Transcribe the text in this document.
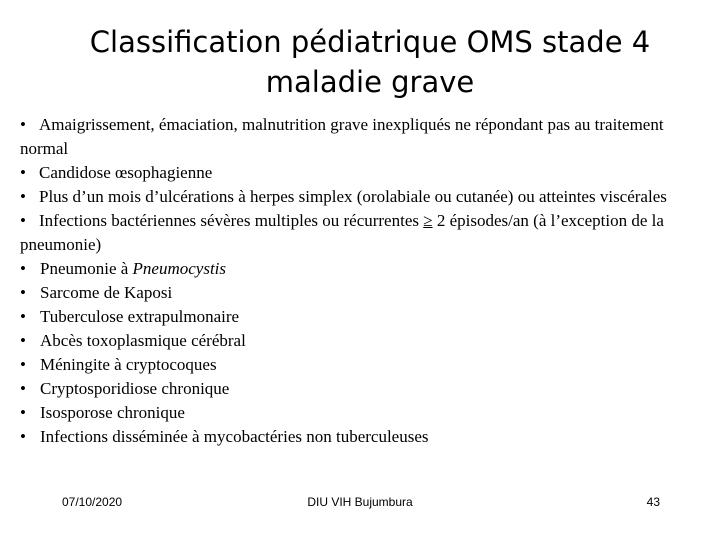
Classification pédiatrique OMS stade 4
maladie grave

• Amaigrissement, émaciation, malnutrition grave inexpliqués ne répondant pas au traitement normal

• Candidose œsophagienne

• Plus d’un mois d’ulcérations à herpes simplex (orolabiale ou cutanée) ou atteintes viscérales

• Infections bactériennes sévères multiples ou récurrentes ≥ 2 épisodes/an (à l’exception de la pneumonie)

• Pneumonie à Pneumocystis

• Sarcome de Kaposi

• Tuberculose extrapulmonaire

• Abcès toxoplasmique cérébral

• Méningite à cryptocoques

• Cryptosporidiose chronique

• Isosporose chronique

• Infections disséminée à mycobactéries non tuberculeuses

07/10/2020	DIU VIH Bujumbura	43
